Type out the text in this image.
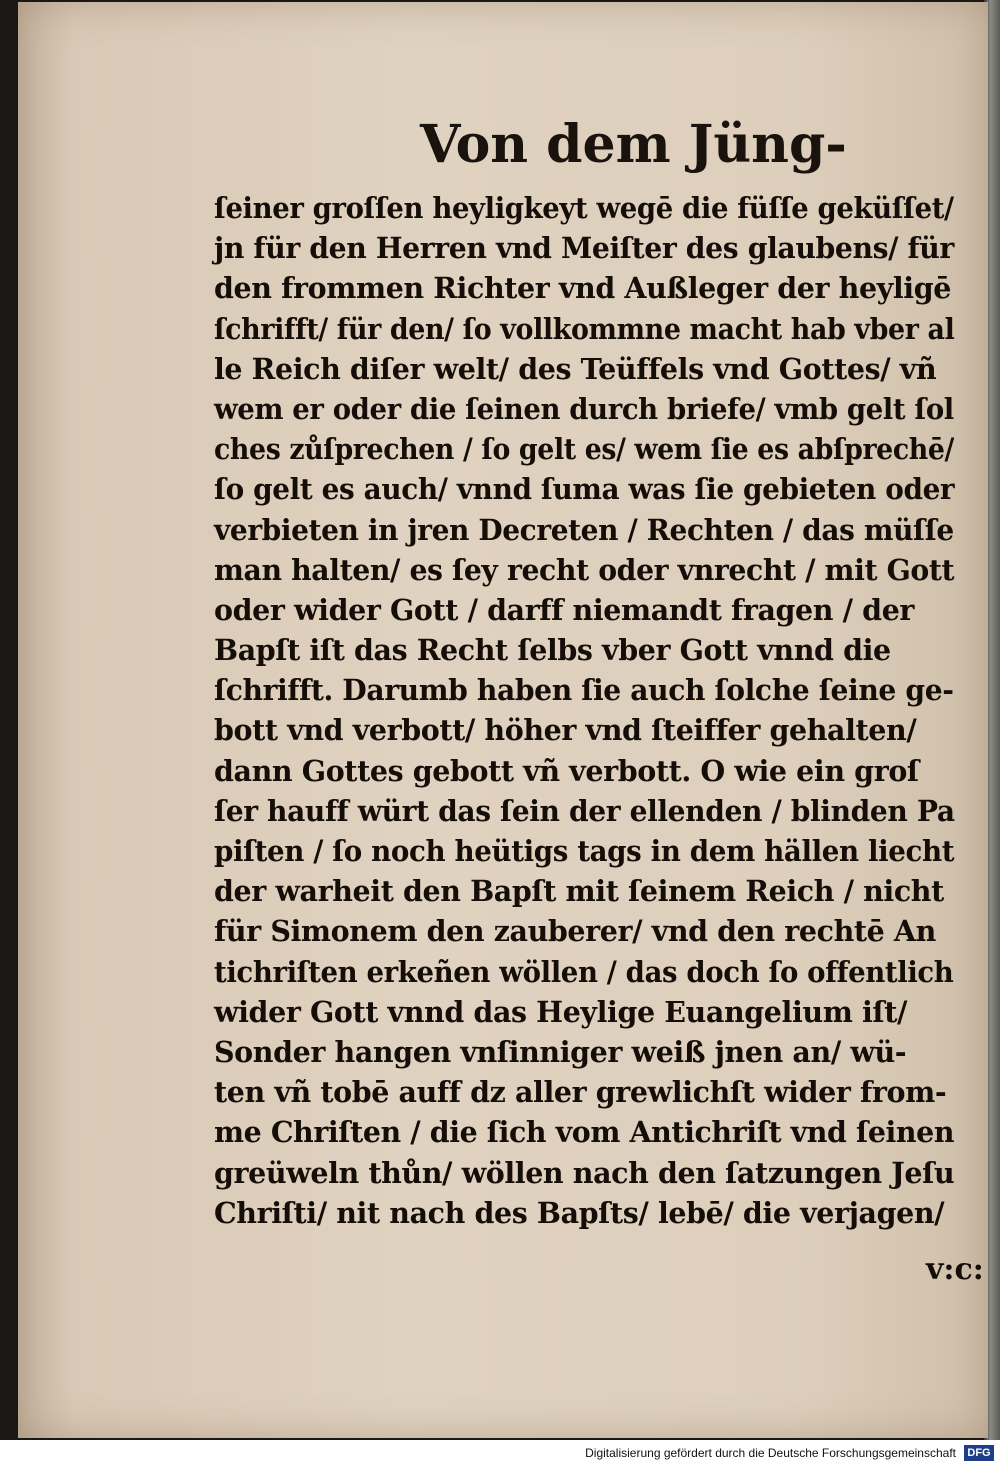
Von dem Jüng-
ſeiner groſſen heyligkeyt wegē die füſſe geküſſet/
jn für den Herren vnd Meiſter des glaubens/ für
den frommen Richter vnd Außleger der heyligē
ſchrifft/ für den/ ſo vollkommne macht hab vber al
le Reich diſer welt/ des Teüffels vnd Gottes/ vñ
wem er oder die ſeinen durch briefe/ vmb gelt ſol
ches zůſprechen / ſo gelt es/ wem ſie es abſprechē/
ſo gelt es auch/ vnnd ſuma was ſie gebieten oder
verbieten in jren Decreten / Rechten / das müſſe
man halten/ es ſey recht oder vnrecht / mit Gott
oder wider Gott / darff niemandt fragen / der
Bapſt iſt das Recht ſelbs vber Gott vnnd die
ſchrifft. Darumb haben ſie auch ſolche ſeine ge-
bott vnd verbott/ höher vnd ſteiffer gehalten/
dann Gottes gebott vñ verbott. O wie ein groſ
ſer hauff würt das ſein der ellenden / blinden Pa
piſten / ſo noch heütigs tags in dem hällen liecht
der warheit den Bapſt mit ſeinem Reich / nicht
für Simonem den zauberer/ vnd den rechtē An
tichriſten erkeñen wöllen / das doch ſo offentlich
wider Gott vnnd das Heylige Euangelium iſt/
Sonder hangen vnſinniger weiß jnen an/ wü-
ten vñ tobē auff dz aller grewlichſt wider from-
me Chriſten / die ſich vom Antichriſt vnd ſeinen
greüweln thůn/ wöllen nach den ſatzungen Jeſu
Chriſti/ nit nach des Bapſts/ lebē/ die verjagen/
v:c:
Digitalisierung gefördert durch die Deutsche Forschungsgemeinschaft	DFG
